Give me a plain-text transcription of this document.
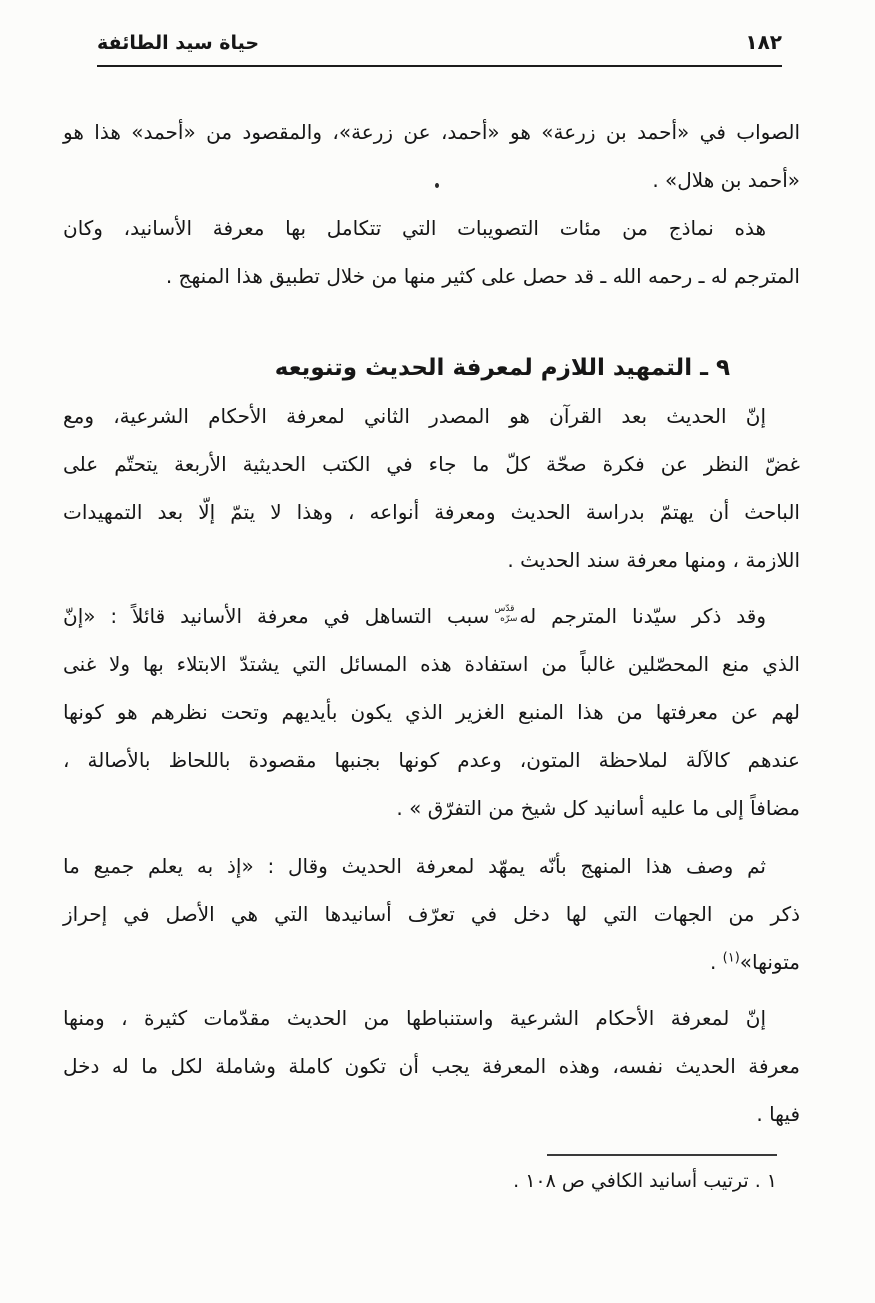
حياة سيد الطائفة	١٨٢
الصواب في «أحمد بن زرعة» هو «أحمد، عن زرعة»، والمقصود من «أحمد» هذا هو
«أحمد بن هلال» .
هذه نماذج من مئات التصويبات التي تتكامل بها معرفة الأسانيد، وكان
المترجم له ـ رحمه الله ـ قد حصل على كثير منها من خلال تطبيق هذا المنهج .
٩ ـ التمهيد اللازم لمعرفة الحديث وتنويعه
إنّ الحديث بعد القرآن هو المصدر الثاني لمعرفة الأحكام الشرعية، ومع
غضّ النظر عن فكرة صحّة كلّ ما جاء في الكتب الحديثية الأربعة يتحتّم على
الباحث أن يهتمّ بدراسة الحديث ومعرفة أنواعه ، وهذا لا يتمّ إلّا بعد التمهيدات
اللازمة ، ومنها معرفة سند الحديث .
وقد ذكر سيّدنا المترجم لهقدّس سرّهسبب التساهل في معرفة الأسانيد قائلاً : «إنّ
الذي منع المحصّلين غالباً من استفادة هذه المسائل التي يشتدّ الابتلاء بها ولا غنى
لهم عن معرفتها من هذا المنبع الغزير الذي يكون بأيديهم وتحت نظرهم هو كونها
عندهم كالآلة لملاحظة المتون، وعدم كونها بجنبها مقصودة باللحاظ بالأصالة ،
مضافاً إلى ما عليه أسانيد كل شيخ من التفرّق » .
ثم وصف هذا المنهج بأنّه يمهّد لمعرفة الحديث وقال : «إذ به يعلم جميع ما
ذكر من الجهات التي لها دخل في تعرّف أسانيدها التي هي الأصل في إحراز
متونها»$^{(١)}$ .
إنّ لمعرفة الأحكام الشرعية واستنباطها من الحديث مقدّمات كثيرة ، ومنها
معرفة الحديث نفسه، وهذه المعرفة يجب أن تكون كاملة وشاملة لكل ما له دخل
فيها .
١ . ترتيب أسانيد الكافي ص ١٠٨ .
